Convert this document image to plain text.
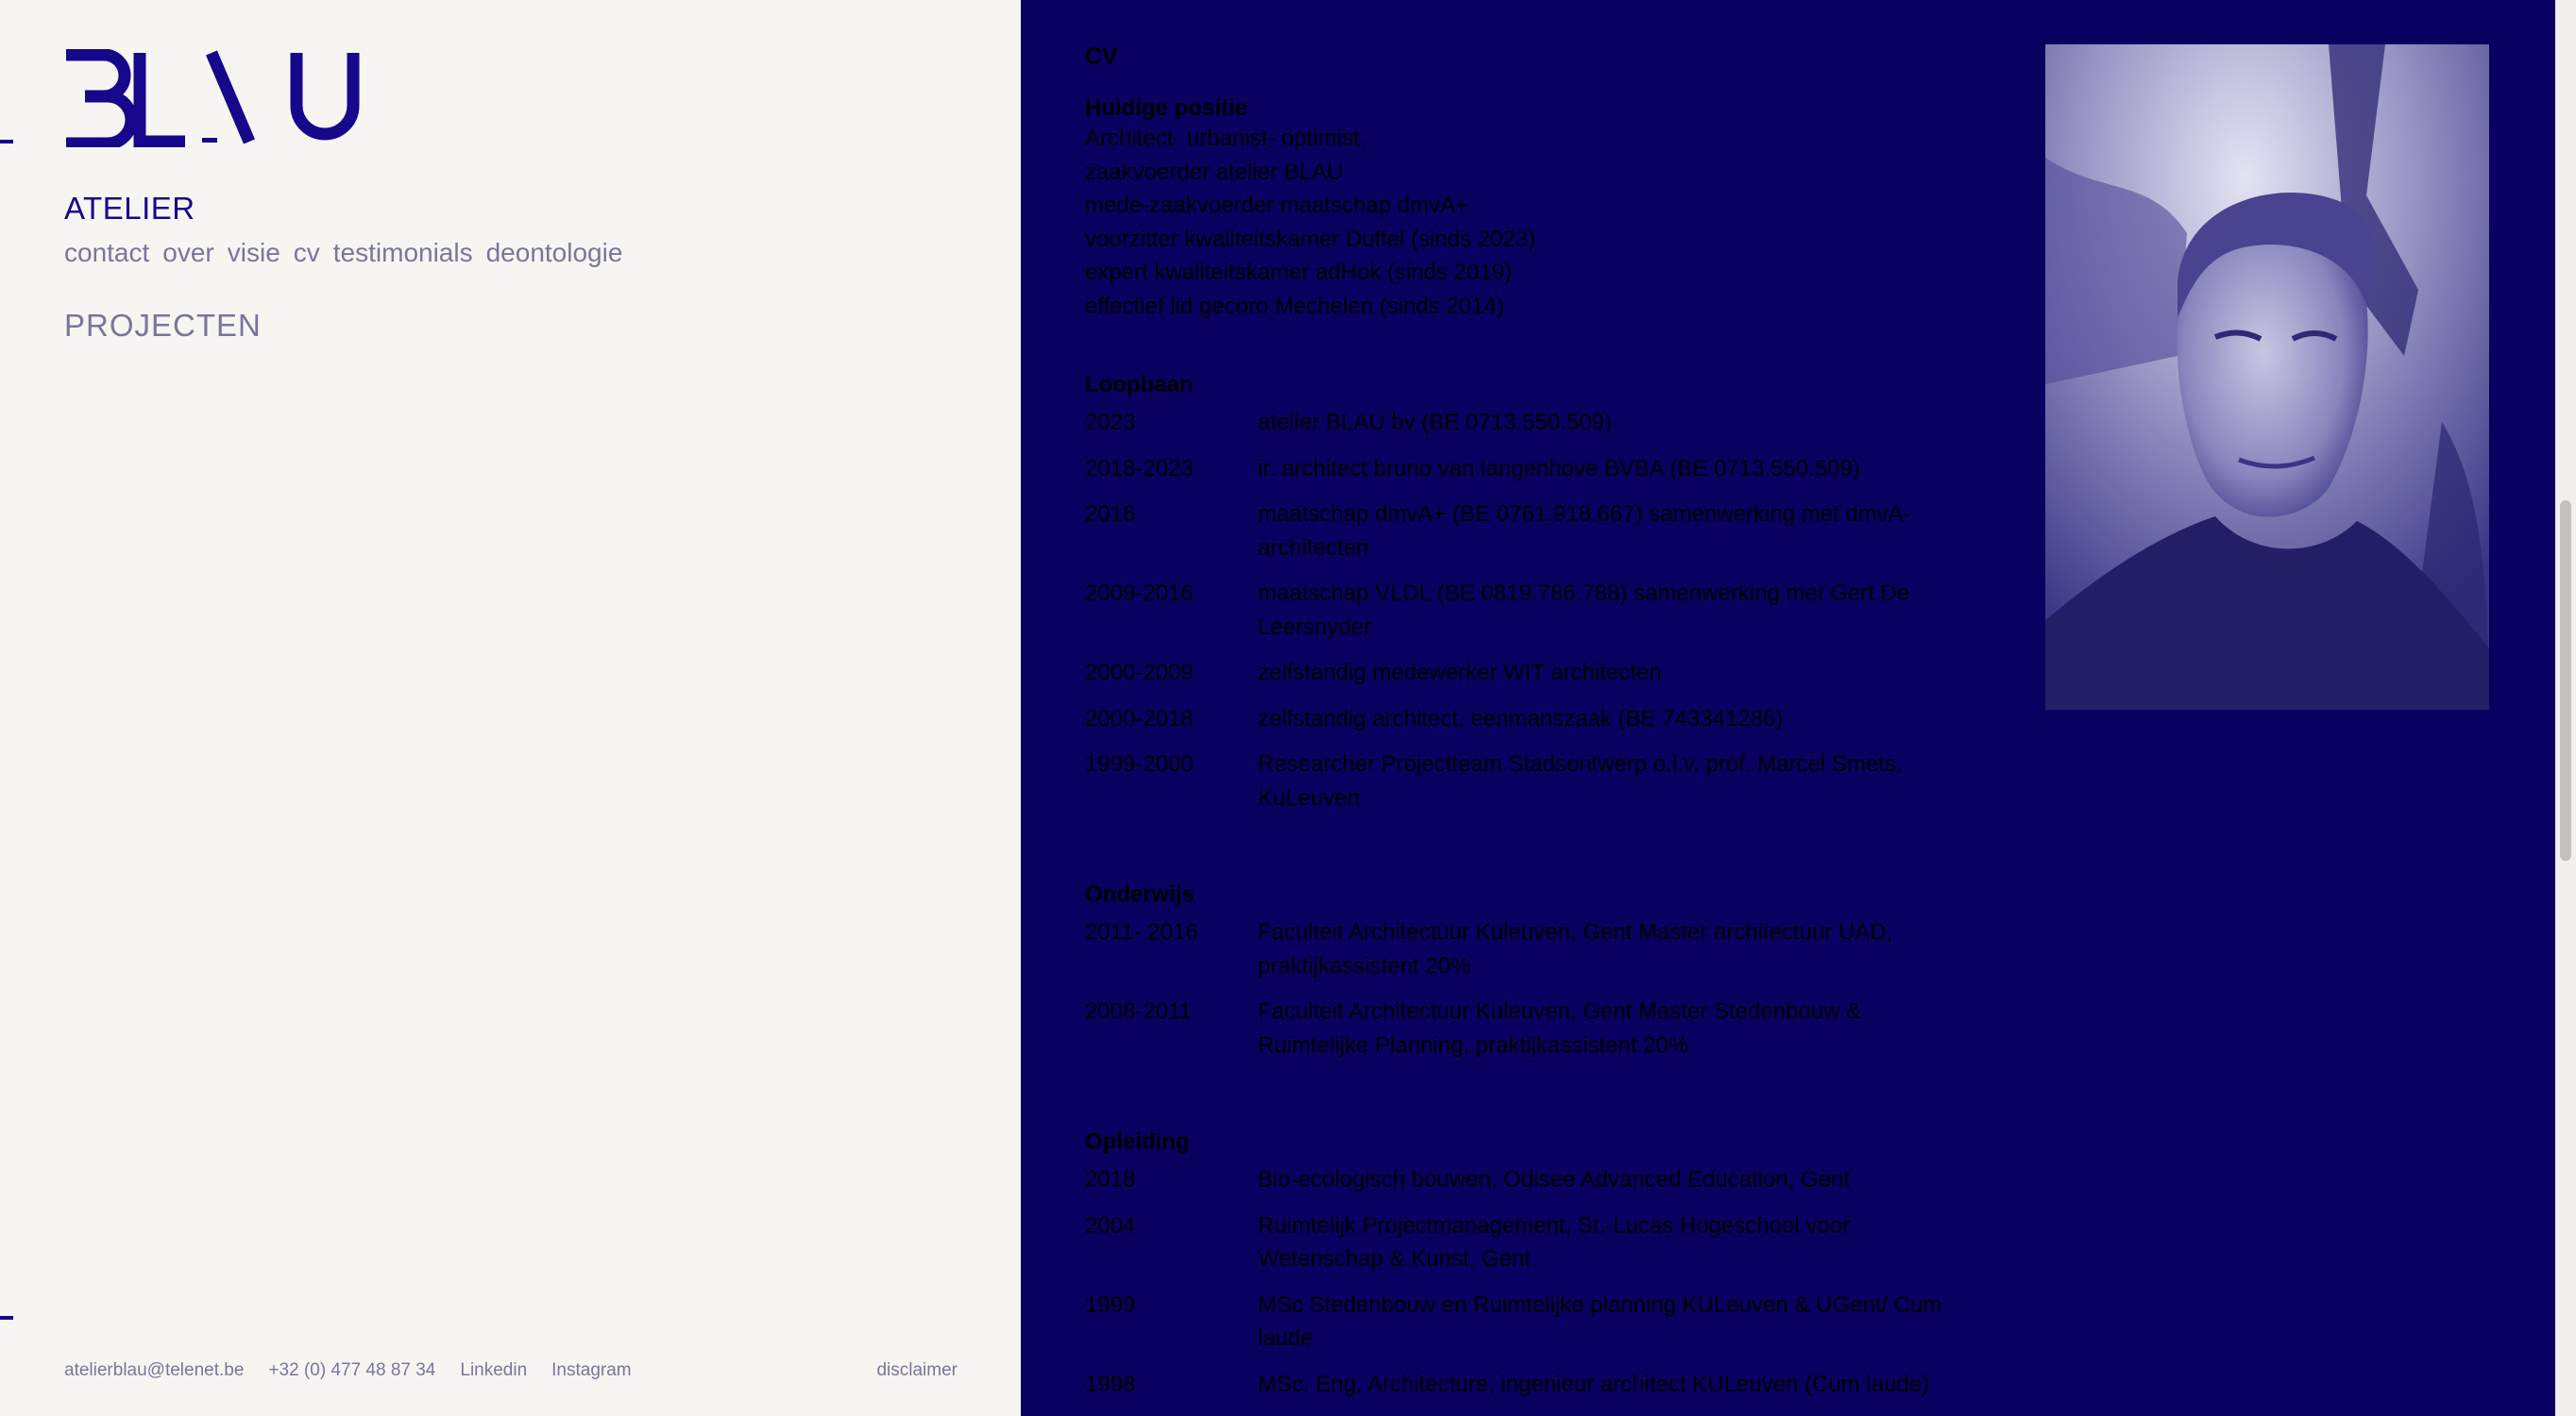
ATELIER
contact over visie cv testimonials deontologie
PROJECTEN
atelierblau@telenet.be +32 (0) 477 48 87 34 Linkedin Instagram	disclaimer
CV
Huidige positie
Architect- urbanist- optimist.
zaakvoerder atelier BLAU
mede-zaakvoerder maatschap dmvA+
voorzitter kwaliteitskamer Duffel (sinds 2023)
expert kwaliteitskamer adHok (sinds 2019)
effectief lid gecoro Mechelen (sinds 2014)
Loopbaan
2023	atelier BLAU bv (BE 0713.550.509)
2018-2023	ir. architect bruno van langenhove BVBA (BE 0713.550.509)
2016	maatschap dmvA+ (BE 0761.918.667) samenwerking met dmvA-architecten
2009-2016	maatschap VLDL (BE 0819.786.788) samenwerking met Gert De Leersnyder
2000-2009	zelfstandig medewerker WIT architecten
2000-2018	zelfstandig architect, eenmanszaak (BE 743341286)
1999-2000	Researcher Projectteam Stadsontwerp o.l.v. prof. Marcel Smets, KuLeuven
Onderwijs
2011- 2016	Faculteit Architectuur Kuleuven, Gent Master architectuur UAD, praktijkassistent 20%
2008-2011	Faculteit Architectuur Kuleuven, Gent Master Stedenbouw & Ruimtelijke Planning, praktijkassistent 20%
Opleiding
2018	Bio-ecologisch bouwen, Odisee Advanced Education, Gent
2004	Ruimtelijk Projectmanagement, St.-Lucas Hogeschool voor Wetenschap & Kunst, Gent
1999	MSc Stedenbouw en Ruimtelijke planning KULeuven & UGent/ Cum laude
1998	MSc. Eng, Architecture, ingenieur architect KULeuven (Cum laude)
